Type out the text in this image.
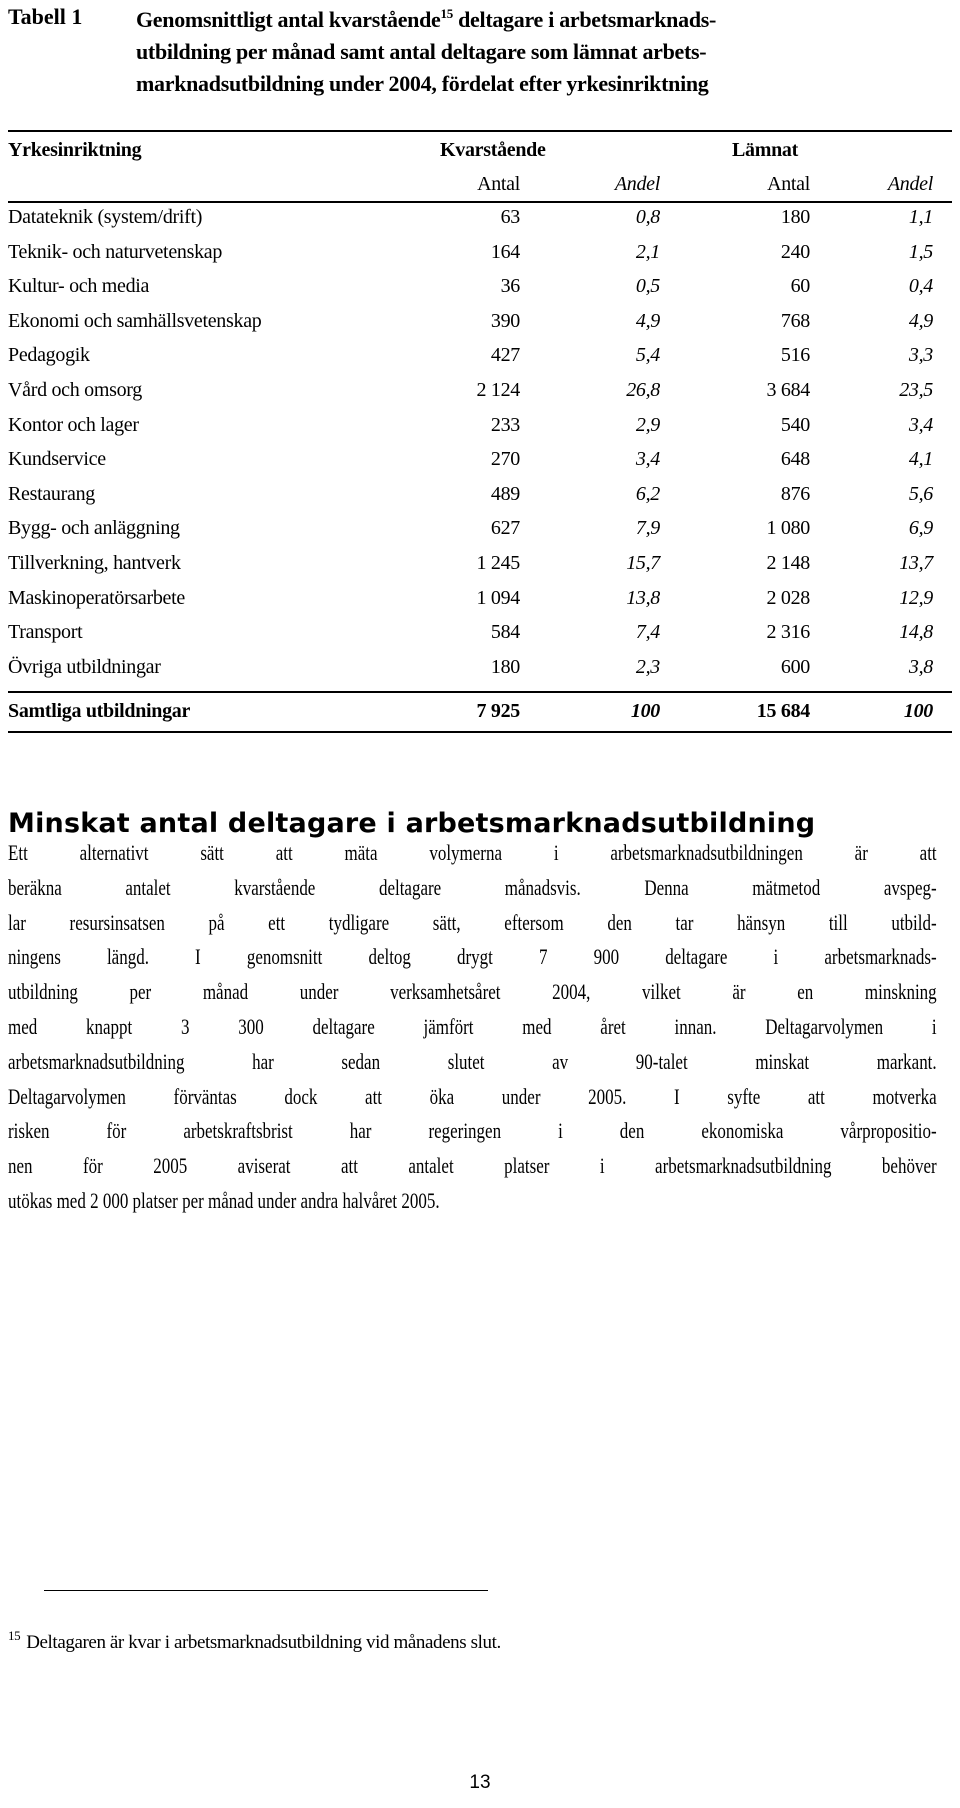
Tabell 1 Genomsnittligt antal kvarstående$^{15}$ deltagare i arbetsmarknads-
utbildning per månad samt antal deltagare som lämnat arbets-
marknadsutbildning under 2004, fördelat efter yrkesinriktning
Yrkesinriktning	Kvarstående	Lämnat
Antal	Andel	Antal	Andel
Datateknik (system/drift)	63	0,8	180	1,1
Teknik- och naturvetenskap	164	2,1	240	1,5
Kultur- och media	36	0,5	60	0,4
Ekonomi och samhällsvetenskap	390	4,9	768	4,9
Pedagogik	427	5,4	516	3,3
Vård och omsorg	2 124	26,8	3 684	23,5
Kontor och lager	233	2,9	540	3,4
Kundservice	270	3,4	648	4,1
Restaurang	489	6,2	876	5,6
Bygg- och anläggning	627	7,9	1 080	6,9
Tillverkning, hantverk	1 245	15,7	2 148	13,7
Maskinoperatörsarbete	1 094	13,8	2 028	12,9
Transport	584	7,4	2 316	14,8
Övriga utbildningar	180	2,3	600	3,8
Samtliga utbildningar	7 925	100	15 684	100
Minskat antal deltagare i arbetsmarknadsutbildning
Ett alternativt sätt att mäta volymerna i arbetsmarknadsutbildningen är att
beräkna antalet kvarstående deltagare månadsvis. Denna mätmetod avspeg-
lar resursinsatsen på ett tydligare sätt, eftersom den tar hänsyn till utbild-
ningens längd. I genomsnitt deltog drygt 7 900 deltagare i arbetsmarknads-
utbildning per månad under verksamhetsåret 2004, vilket är en minskning
med knappt 3 300 deltagare jämfört med året innan. Deltagarvolymen i
arbetsmarknadsutbildning har sedan slutet av 90-talet minskat markant.
Deltagarvolymen förväntas dock att öka under 2005. I syfte att motverka
risken för arbetskraftsbrist har regeringen i den ekonomiska vårpropositio-
nen för 2005 aviserat att antalet platser i arbetsmarknadsutbildning behöver
utökas med 2 000 platser per månad under andra halvåret 2005.
$^{15}$ Deltagaren är kvar i arbetsmarknadsutbildning vid månadens slut.
13
